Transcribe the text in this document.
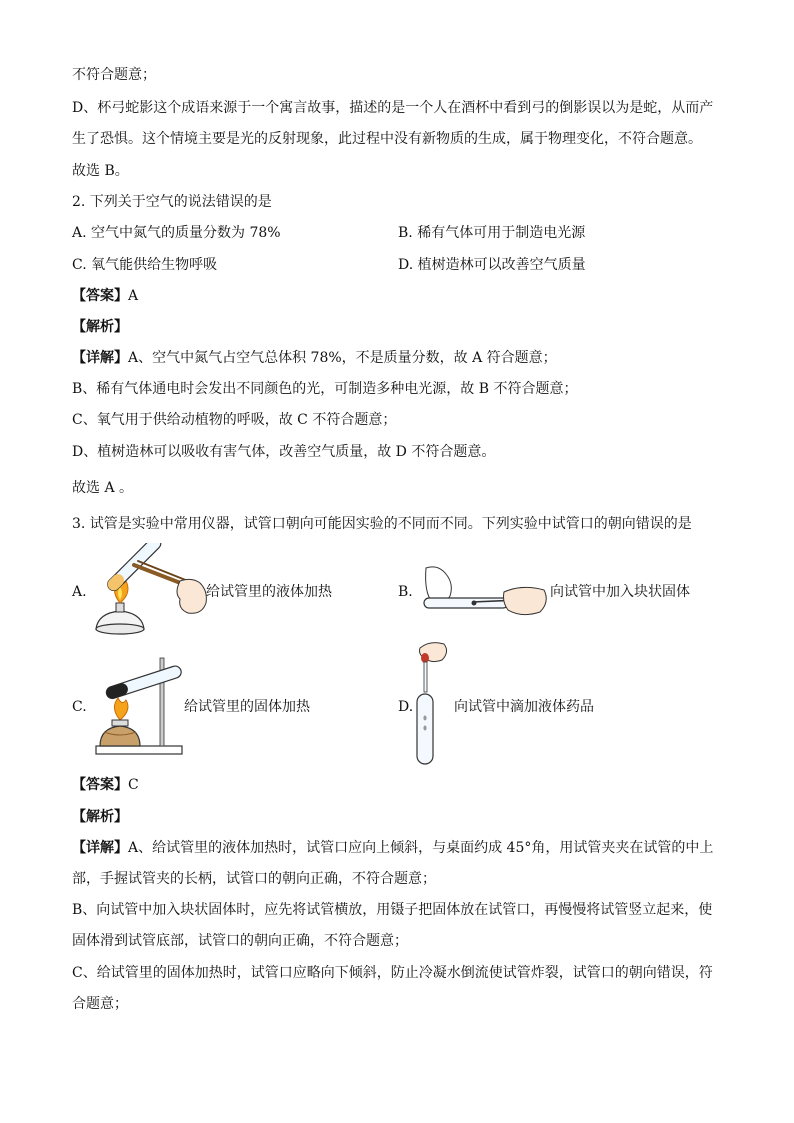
不符合题意；
D、杯弓蛇影这个成语来源于一个寓言故事，描述的是一个人在酒杯中看到弓的倒影误以为是蛇，从而产
生了恐惧。这个情境主要是光的反射现象，此过程中没有新物质的生成，属于物理变化，不符合题意。
故选 B。
2. 下列关于空气的说法错误的是
A. 空气中氮气的质量分数为 78%	B. 稀有气体可用于制造电光源
C. 氧气能供给生物呼吸	D. 植树造林可以改善空气质量
【答案】A
【解析】
【详解】A、空气中氮气占空气总体积 78%，不是质量分数，故 A 符合题意；
B、稀有气体通电时会发出不同颜色的光，可制造多种电光源，故 B 不符合题意；
C、氧气用于供给动植物的呼吸，故 C 不符合题意；
D、植树造林可以吸收有害气体，改善空气质量，故 D 不符合题意。
故选 A 。
3. 试管是实验中常用仪器，试管口朝向可能因实验的不同而不同。下列实验中试管口的朝向错误的是
A.	给试管里的液体加热	B.	向试管中加入块状固体
C.	给试管里的固体加热	D.	向试管中滴加液体药品
【答案】C
【解析】
【详解】A、给试管里的液体加热时，试管口应向上倾斜，与桌面约成 45°角，用试管夹夹在试管的中上
部，手握试管夹的长柄，试管口的朝向正确，不符合题意；
B、向试管中加入块状固体时，应先将试管横放，用镊子把固体放在试管口，再慢慢将试管竖立起来，使
固体滑到试管底部，试管口的朝向正确，不符合题意；
C、给试管里的固体加热时，试管口应略向下倾斜，防止冷凝水倒流使试管炸裂，试管口的朝向错误，符
合题意；
